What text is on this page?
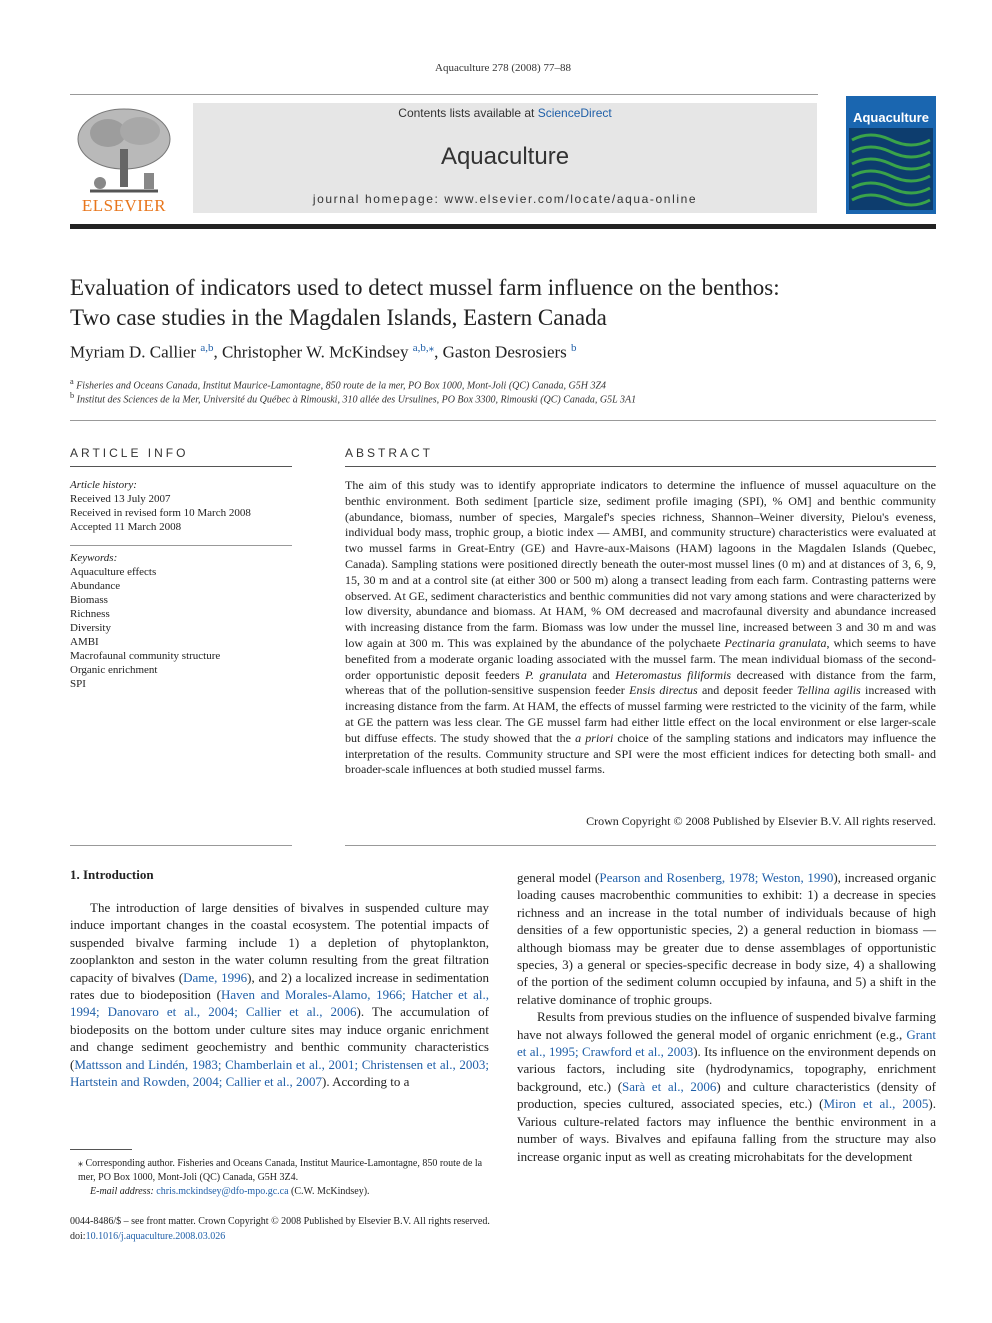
Aquaculture 278 (2008) 77–88
ELSEVIER
Contents lists available at ScienceDirect
Aquaculture
journal homepage: www.elsevier.com/locate/aqua-online
Aquaculture
Evaluation of indicators used to detect mussel farm influence on the benthos:
Two case studies in the Magdalen Islands, Eastern Canada
Myriam D. Callier $^{a,b}$, Christopher W. McKindsey $^{a,b,⁎}$, Gaston Desrosiers $^b$
$^a$ Fisheries and Oceans Canada, Institut Maurice-Lamontagne, 850 route de la mer, PO Box 1000, Mont-Joli (QC) Canada, G5H 3Z4
$^b$ Institut des Sciences de la Mer, Université du Québec à Rimouski, 310 allée des Ursulines, PO Box 3300, Rimouski (QC) Canada, G5L 3A1
ARTICLE INFO
Article history:
Received 13 July 2007
Received in revised form 10 March 2008
Accepted 11 March 2008
Keywords:
Aquaculture effects
Abundance
Biomass
Richness
Diversity
AMBI
Macrofaunal community structure
Organic enrichment
SPI
ABSTRACT
The aim of this study was to identify appropriate indicators to determine the influence of mussel aquaculture on the benthic environment. Both sediment [particle size, sediment profile imaging (SPI), % OM] and benthic community (abundance, biomass, number of species, Margalef's species richness, Shannon–Weiner diversity, Pielou's eveness, individual body mass, trophic group, a biotic index — AMBI, and community structure) characteristics were evaluated at two mussel farms in Great-Entry (GE) and Havre-aux-Maisons (HAM) lagoons in the Magdalen Islands (Quebec, Canada). Sampling stations were positioned directly beneath the outer-most mussel lines (0 m) and at distances of 3, 6, 9, 15, 30 m and at a control site (at either 300 or 500 m) along a transect leading from each farm. Contrasting patterns were observed. At GE, sediment characteristics and benthic communities did not vary among stations and were characterized by low diversity, abundance and biomass. At HAM, % OM decreased and macrofaunal diversity and abundance increased with increasing distance from the farm. Biomass was low under the mussel line, increased between 3 and 30 m and was low again at 300 m. This was explained by the abundance of the polychaete Pectinaria granulata, which seems to have benefited from a moderate organic loading associated with the mussel farm. The mean individual biomass of the second-order opportunistic deposit feeders P. granulata and Heteromastus filiformis decreased with distance from the farm, whereas that of the pollution-sensitive suspension feeder Ensis directus and deposit feeder Tellina agilis increased with increasing distance from the farm. At HAM, the effects of mussel farming were restricted to the vicinity of the farm, while at GE the pattern was less clear. The GE mussel farm had either little effect on the local environment or else larger-scale but diffuse effects. The study showed that the a priori choice of the sampling stations and indicators may influence the interpretation of the results. Community structure and SPI were the most efficient indices for detecting both small- and broader-scale influences at both studied mussel farms.
Crown Copyright © 2008 Published by Elsevier B.V. All rights reserved.
1. Introduction

The introduction of large densities of bivalves in suspended culture may induce important changes in the coastal ecosystem. The potential impacts of suspended bivalve farming include 1) a depletion of phytoplankton, zooplankton and seston in the water column resulting from the great filtration capacity of bivalves (Dame, 1996), and 2) a localized increase in sedimentation rates due to biodeposition (Haven and Morales-Alamo, 1966; Hatcher et al., 1994; Danovaro et al., 2004; Callier et al., 2006). The accumulation of biodeposits on the bottom under culture sites may induce organic enrichment and change sediment geochemistry and benthic community characteristics (Mattsson and Lindén, 1983; Chamberlain et al., 2001; Christensen et al., 2003; Hartstein and Rowden, 2004; Callier et al., 2007). According to a

general model (Pearson and Rosenberg, 1978; Weston, 1990), increased organic loading causes macrobenthic communities to exhibit: 1) a decrease in species richness and an increase in the total number of individuals because of high densities of a few opportunistic species, 2) a general reduction in biomass — although biomass may be greater due to dense assemblages of opportunistic species, 3) a general or species-specific decrease in body size, 4) a shallowing of the portion of the sediment column occupied by infauna, and 5) a shift in the relative dominance of trophic groups.

Results from previous studies on the influence of suspended bivalve farming have not always followed the general model of organic enrichment (e.g., Grant et al., 1995; Crawford et al., 2003). Its influence on the environment depends on various factors, including site (hydrodynamics, topography, enrichment background, etc.) (Sarà et al., 2006) and culture characteristics (density of production, species cultured, associated species, etc.) (Miron et al., 2005). Various culture-related factors may influence the benthic environment in a number of ways. Bivalves and epifauna falling from the structure may also increase organic input as well as creating microhabitats for the development

⁎ Corresponding author. Fisheries and Oceans Canada, Institut Maurice-Lamontagne, 850 route de la mer, PO Box 1000, Mont-Joli (QC) Canada, G5H 3Z4.
E-mail address: chris.mckindsey@dfo-mpo.gc.ca (C.W. McKindsey).
0044-8486/$ – see front matter. Crown Copyright © 2008 Published by Elsevier B.V. All rights reserved.
doi:10.1016/j.aquaculture.2008.03.026
